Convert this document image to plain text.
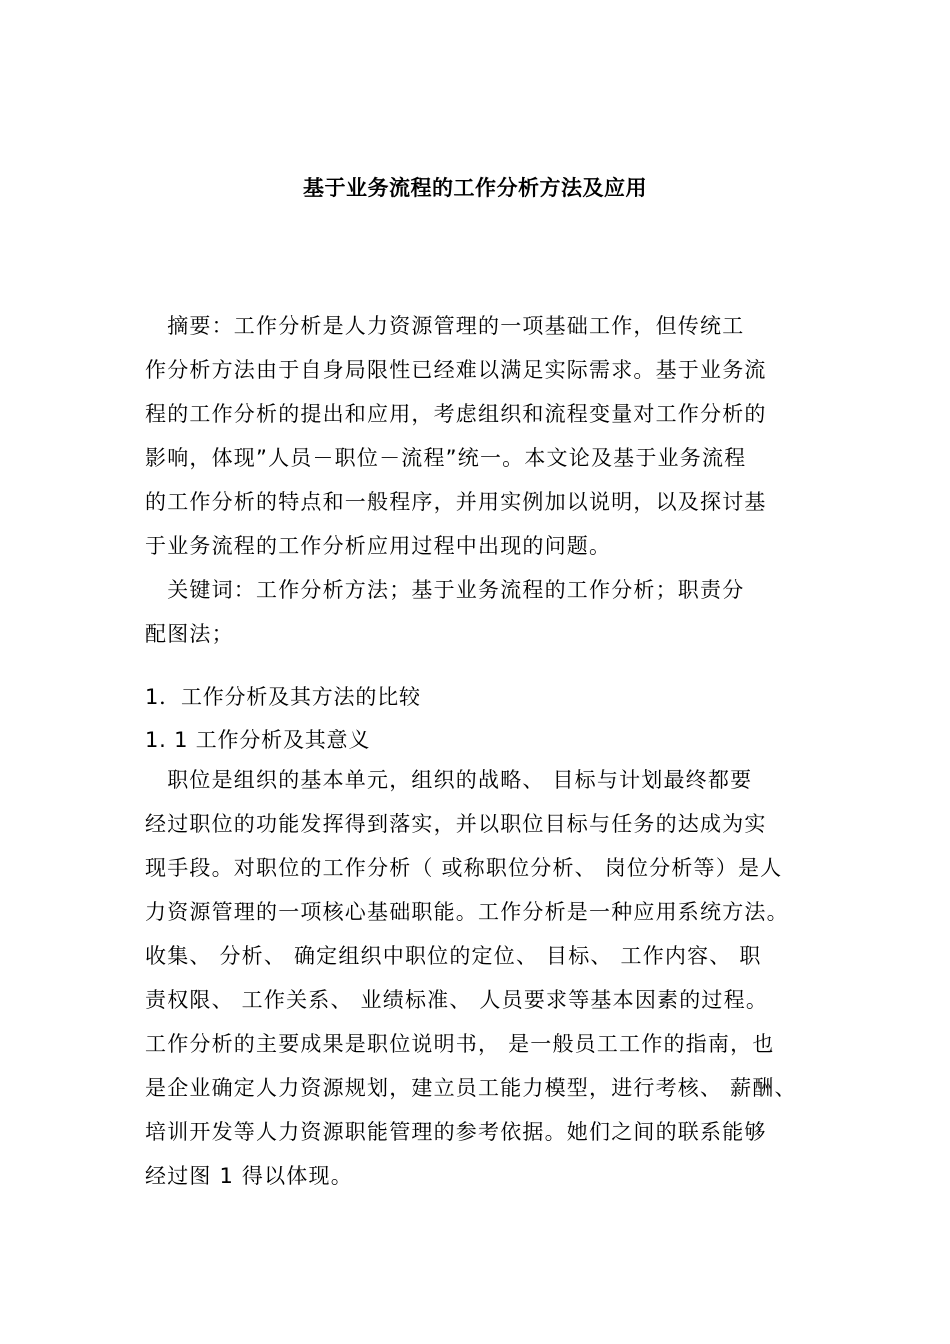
基于业务流程的工作分析方法及应用
　摘要：工作分析是人力资源管理的一项基础工作，但传统工
作分析方法由于自身局限性已经难以满足实际需求。基于业务流
程的工作分析的提出和应用，考虑组织和流程变量对工作分析的
影响，体现”人员－职位－流程”统一。本文论及基于业务流程
的工作分析的特点和一般程序，并用实例加以说明，以及探讨基
于业务流程的工作分析应用过程中出现的问题。
　关键词：工作分析方法；基于业务流程的工作分析；职责分
配图法；
1．工作分析及其方法的比较
1. 1 工作分析及其意义
　职位是组织的基本单元，组织的战略、 目标与计划最终都要
经过职位的功能发挥得到落实，并以职位目标与任务的达成为实
现手段。对职位的工作分析（ 或称职位分析、 岗位分析等）是人
力资源管理的一项核心基础职能。工作分析是一种应用系统方法。
收集、 分析、 确定组织中职位的定位、 目标、 工作内容、 职
责权限、 工作关系、 业绩标准、 人员要求等基本因素的过程。
工作分析的主要成果是职位说明书， 是一般员工工作的指南，也
是企业确定人力资源规划，建立员工能力模型，进行考核、 薪酬、
培训开发等人力资源职能管理的参考依据。她们之间的联系能够
经过图 1 得以体现。
